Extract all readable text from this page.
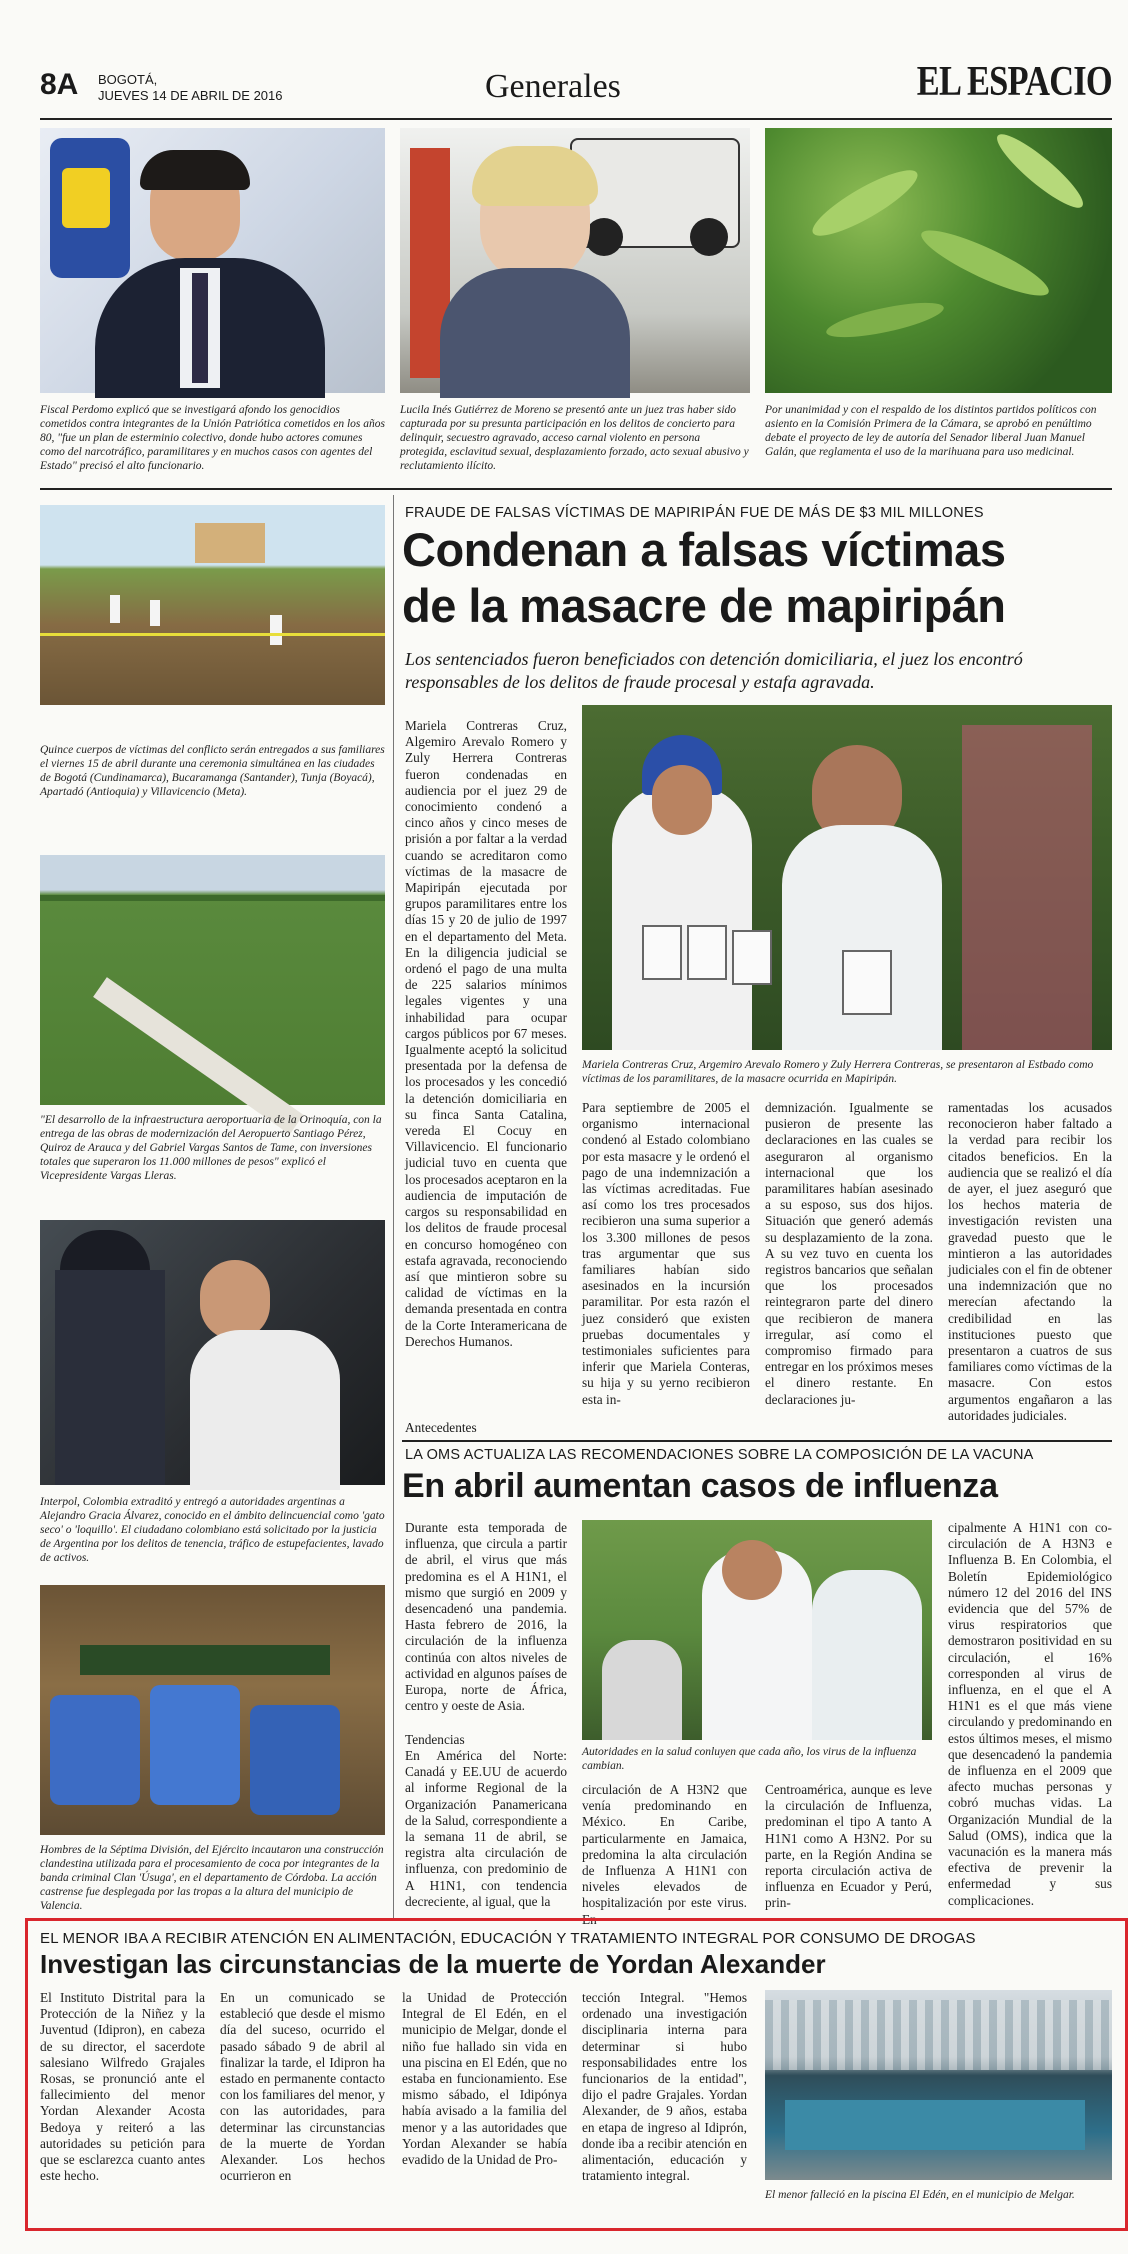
8A BOGOTÁ,
JUEVES 14 DE ABRIL DE 2016	Generales	EL ESPACIO
Fiscal Perdomo explicó que se investigará afondo los genocidios cometidos contra integrantes de la Unión Patriótica cometidos en los años 80, "fue un plan de esterminio colectivo, donde hubo actores comunes como del narcotráfico, paramilitares y en muchos casos con agentes del Estado" precisó el alto funcionario.
Lucila Inés Gutiérrez de Moreno se presentó ante un juez tras haber sido capturada por su presunta participación en los delitos de concierto para delinquir, secuestro agravado, acceso carnal violento en persona protegida, esclavitud sexual, desplazamiento forzado, acto sexual abusivo y reclutamiento ilícito.
Por unanimidad y con el respaldo de los distintos partidos políticos con asiento en la Comisión Primera de la Cámara, se aprobó en penúltimo debate el proyecto de ley de autoría del Senador liberal Juan Manuel Galán, que reglamenta el uso de la marihuana para uso medicinal.
Quince cuerpos de víctimas del conflicto serán entregados a sus familiares el viernes 15 de abril durante una ceremonia simultánea en las ciudades de Bogotá (Cundinamarca), Bucaramanga (Santander), Tunja (Boyacá), Apartadó (Antioquia) y Villavicencio (Meta).
"El desarrollo de la infraestructura aeroportuaria de la Orinoquía, con la entrega de las obras de modernización del Aeropuerto Santiago Pérez, Quiroz de Arauca y del Gabriel Vargas Santos de Tame, con inversiones totales que superaron los 11.000 millones de pesos" explicó el Vicepresidente Vargas Lleras.
Interpol, Colombia extraditó y entregó a autoridades argentinas a Alejandro Gracia Álvarez, conocido en el ámbito delincuencial como 'gato seco' o 'loquillo'. El ciudadano colombiano está solicitado por la justicia de Argentina por los delitos de tenencia, tráfico de estupefacientes, lavado de activos.
Hombres de la Séptima División, del Ejército incautaron una construcción clandestina utilizada para el procesamiento de coca por integrantes de la banda criminal Clan 'Úsuga', en el departamento de Córdoba. La acción castrense fue desplegada por las tropas a la altura del municipio de Valencia.
FRAUDE DE FALSAS VÍCTIMAS DE MAPIRIPÁN FUE DE MÁS DE $3 MIL MILLONES
Condenan a falsas víctimas
de la masacre de mapiripán
Los sentenciados fueron beneficiados con detención domiciliaria, el juez los encontró responsables de los delitos de fraude procesal y estafa agravada.
Mariela Contreras Cruz, Algemiro Arevalo Romero y Zuly Herrera Contreras fueron condenadas en audiencia por el juez 29 de conocimiento condenó a cinco años y cinco meses de prisión a por faltar a la verdad cuando se acreditaron como víctimas de la masacre de Mapiripán ejecutada por grupos paramilitares entre los días 15 y 20 de julio de 1997 en el departamento del Meta. En la diligencia judicial se ordenó el pago de una multa de 225 salarios mínimos legales vigentes y una inhabilidad para ocupar cargos públicos por 67 meses. Igualmente aceptó la solicitud presentada por la defensa de los procesados y les concedió la detención domiciliaria en su finca Santa Catalina, vereda El Cocuy en Villavicencio. El funcionario judicial tuvo en cuenta que los procesados aceptaron en la audiencia de imputación de cargos su responsabilidad en los delitos de fraude procesal en concurso homogéneo con estafa agravada, reconociendo así que mintieron sobre su calidad de víctimas en la demanda presentada en contra de la Corte Interamericana de Derechos Humanos.
Antecedentes
Mariela Contreras Cruz, Argemiro Arevalo Romero y Zuly Herrera Contreras, se presentaron al Estbado como víctimas de los paramilitares, de la masacre ocurrida en Mapiripán.
Para septiembre de 2005 el organismo internacional condenó al Estado colombiano por esta masacre y le ordenó el pago de una indemnización a las víctimas acreditadas. Fue así como los tres procesados recibieron una suma superior a los 3.300 millones de pesos tras argumentar que sus familiares habían sido asesinados en la incursión paramilitar. Por esta razón el juez consideró que existen pruebas documentales y testimoniales suficientes para inferir que Mariela Conteras, su hija y su yerno recibieron esta in-
demnización. Igualmente se pusieron de presente las declaraciones en las cuales se aseguraron al organismo internacional que los paramilitares habían asesinado a su esposo, sus dos hijos. Situación que generó además su desplazamiento de la zona. A su vez tuvo en cuenta los registros bancarios que señalan que los procesados reintegraron parte del dinero que recibieron de manera irregular, así como el compromiso firmado para entregar en los próximos meses el dinero restante. En declaraciones ju-
ramentadas los acusados reconocieron haber faltado a la verdad para recibir los citados beneficios. En la audiencia que se realizó el día de ayer, el juez aseguró que los hechos materia de investigación revisten una gravedad puesto que le mintieron a las autoridades judiciales con el fin de obtener una indemnización que no merecían afectando la credibilidad en las instituciones puesto que presentaron a cuatros de sus familiares como víctimas de la masacre. Con estos argumentos engañaron a las autoridades judiciales.
LA OMS ACTUALIZA LAS RECOMENDACIONES SOBRE LA COMPOSICIÓN DE LA VACUNA
En abril aumentan casos de influenza
Durante esta temporada de influenza, que circula a partir de abril, el virus que más predomina es el A H1N1, el mismo que surgió en 2009 y desencadenó una pandemia. Hasta febrero de 2016, la circulación de la influenza continúa con altos niveles de actividad en algunos países de Europa, norte de África, centro y oeste de Asia.
Tendencias
En América del Norte: Canadá y EE.UU de acuerdo al informe Regional de la Organización Panamericana de la Salud, correspondiente a la semana 11 de abril, se registra alta circulación de influenza, con predominio de A H1N1, con tendencia decreciente, al igual, que la
Autoridades en la salud conluyen que cada año, los virus de la influenza cambian.
circulación de A H3N2 que venía predominando en México. En Caribe, particularmente en Jamaica, predomina la alta circulación de Influenza A H1N1 con niveles elevados de hospitalización por este virus. En
Centroamérica, aunque es leve la circulación de Influenza, predominan el tipo A tanto A H1N1 como A H3N2. Por su parte, en la Región Andina se reporta circulación activa de influenza en Ecuador y Perú, prin-
cipalmente A H1N1 con co-circulación de A H3N3 e Influenza B. En Colombia, el Boletín Epidemiológico número 12 del 2016 del INS evidencia que del 57% de virus respiratorios que demostraron positividad en su circulación, el 16% corresponden al virus de influenza, en el que el A H1N1 es el que más viene circulando y predominando en estos últimos meses, el mismo que desencadenó la pandemia de influenza en el 2009 que afecto muchas personas y cobró muchas vidas. La Organización Mundial de la Salud (OMS), indica que la vacunación es la manera más efectiva de prevenir la enfermedad y sus complicaciones.
EL MENOR IBA A RECIBIR ATENCIÓN EN ALIMENTACIÓN, EDUCACIÓN Y TRATAMIENTO INTEGRAL POR CONSUMO DE DROGAS
Investigan las circunstancias de la muerte de Yordan Alexander
El Instituto Distrital para la Protección de la Niñez y la Juventud (Idipron), en cabeza de su director, el sacerdote salesiano Wilfredo Grajales Rosas, se pronunció ante el fallecimiento del menor Yordan Alexander Acosta Bedoya y reiteró a las autoridades su petición para que se esclarezca cuanto antes este hecho.
En un comunicado se estableció que desde el mismo día del suceso, ocurrido el pasado sábado 9 de abril al finalizar la tarde, el Idipron ha estado en permanente contacto con los familiares del menor, y con las autoridades, para determinar las circunstancias de la muerte de Yordan Alexander. Los hechos ocurrieron en
la Unidad de Protección Integral de El Edén, en el municipio de Melgar, donde el niño fue hallado sin vida en una piscina en El Edén, que no estaba en funcionamiento. Ese mismo sábado, el Idipónya había avisado a la familia del menor y a las autoridades que Yordan Alexander se había evadido de la Unidad de Pro-
tección Integral. "Hemos ordenado una investigación disciplinaria interna para determinar si hubo responsabilidades entre los funcionarios de la entidad", dijo el padre Grajales. Yordan Alexander, de 9 años, estaba en etapa de ingreso al Idiprón, donde iba a recibir atención en alimentación, educación y tratamiento integral.
El menor falleció en la piscina El Edén, en el municipio de Melgar.
